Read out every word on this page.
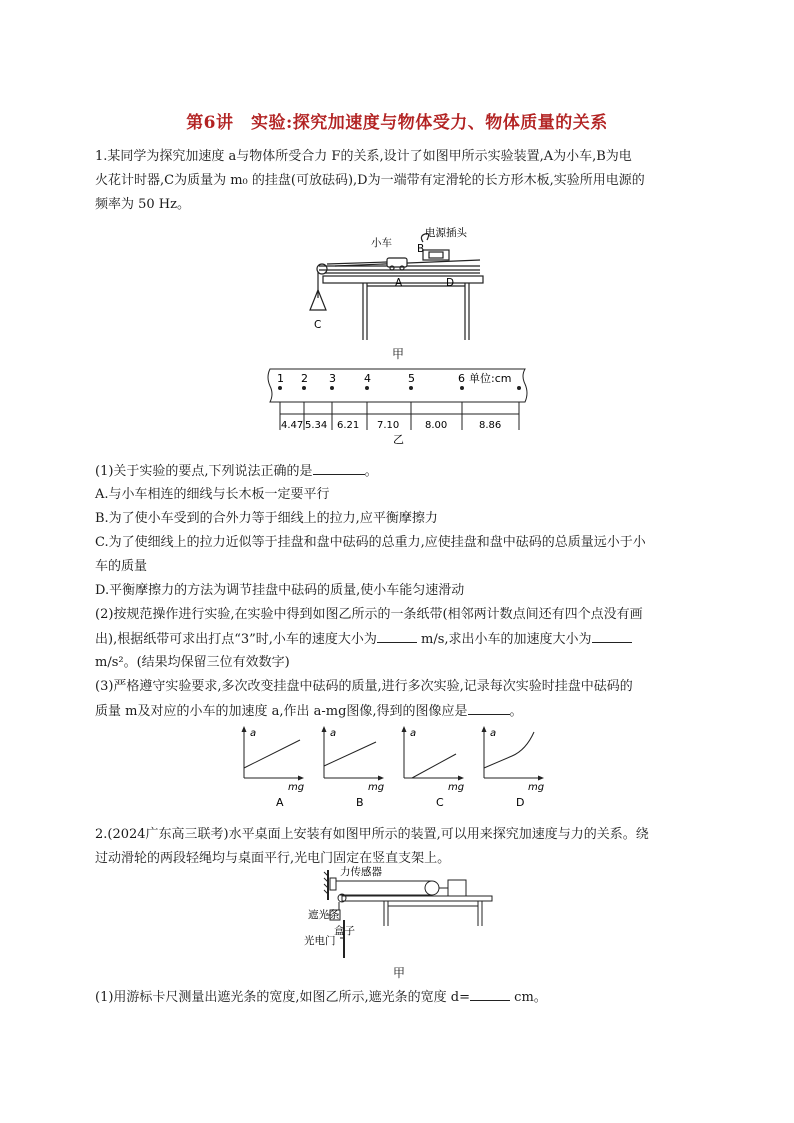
第6讲　实验:探究加速度与物体受力、物体质量的关系
1.某同学为探究加速度 a与物体所受合力 F的关系,设计了如图甲所示实验装置,A为小车,B为电
火花计时器,C为质量为 m₀ 的挂盘(可放砝码),D为一端带有定滑轮的长方形木板,实验所用电源的
频率为 50 Hz。
小车
电源插头
B
A	D
C
甲
1 2 3	4	5	6 单位:cm
4.47 5.34 6.21 7.10	8.00	8.86
乙
(1)关于实验的要点,下列说法正确的是	。
A.与小车相连的细线与长木板一定要平行
B.为了使小车受到的合外力等于细线上的拉力,应平衡摩擦力
C.为了使细线上的拉力近似等于挂盘和盘中砝码的总重力,应使挂盘和盘中砝码的总质量远小于小
车的质量
D.平衡摩擦力的方法为调节挂盘中砝码的质量,使小车能匀速滑动
(2)按规范操作进行实验,在实验中得到如图乙所示的一条纸带(相邻两计数点间还有四个点没有画
出),根据纸带可求出打点“3”时,小车的速度大小为	m/s,求出小车的加速度大小为
m/s²。(结果均保留三位有效数字)
(3)严格遵守实验要求,多次改变挂盘中砝码的质量,进行多次实验,记录每次实验时挂盘中砝码的
质量 m及对应的小车的加速度 a,作出 a-mg图像,得到的图像应是	。
a
mg
a
mg
a
mg
a
mg
A	B	C	D
2.(2024广东高三联考)水平桌面上安装有如图甲所示的装置,可以用来探究加速度与力的关系。绕
过动滑轮的两段轻绳均与桌面平行,光电门固定在竖直支架上。
力传感器
遮光条
盒子
光电门
甲
(1)用游标卡尺测量出遮光条的宽度,如图乙所示,遮光条的宽度 d=	cm。
